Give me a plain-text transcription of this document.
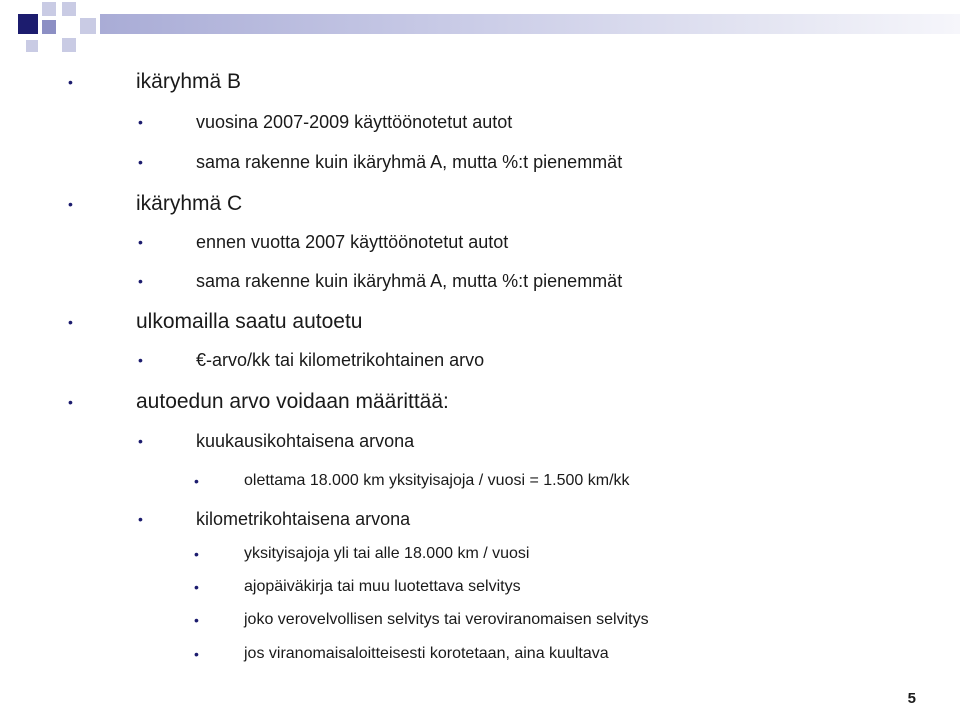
•	ikäryhmä B
•	vuosina 2007-2009 käyttöönotetut autot
•	sama rakenne kuin ikäryhmä A, mutta %:t pienemmät
•	ikäryhmä C
•	ennen vuotta 2007 käyttöönotetut autot
•	sama rakenne kuin ikäryhmä A, mutta %:t pienemmät
•	ulkomailla saatu autoetu
•	€-arvo/kk tai kilometrikohtainen arvo
•	autoedun arvo voidaan määrittää:
•	kuukausikohtaisena arvona
•	olettama 18.000 km yksityisajoja / vuosi = 1.500 km/kk
•	kilometrikohtaisena arvona
•	yksityisajoja yli tai alle 18.000 km / vuosi
•	ajopäiväkirja tai muu luotettava selvitys
•	joko verovelvollisen selvitys tai veroviranomaisen selvitys
•	jos viranomaisaloitteisesti korotetaan, aina kuultava
5
